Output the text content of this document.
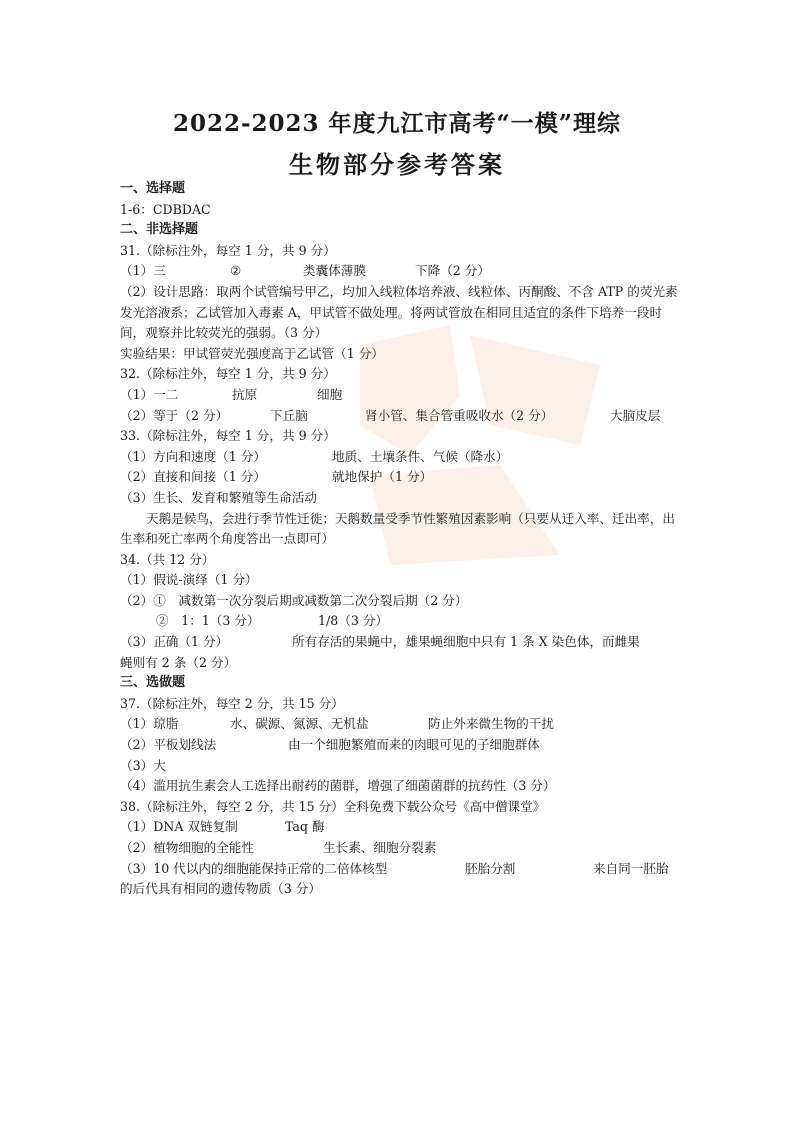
2022-2023 年度九江市高考“一模”理综
生物部分参考答案
一、选择题
1-6：CDBDAC
二、非选择题
31.（除标注外，每空 1 分，共 9 分）
（1）三	②	类囊体薄膜	下降（2 分）
（2）设计思路：取两个试管编号甲乙，均加入线粒体培养液、线粒体、丙酮酸、不含 ATP 的荧光素发光溶液系；乙试管加入毒素 A，甲试管不做处理。将两试管放在相同且适宜的条件下培养一段时间，观察并比较荧光的强弱。（3 分）
实验结果：甲试管荧光强度高于乙试管（1 分）
32.（除标注外，每空 1 分，共 9 分）
（1）一二	抗原	细胞
（2）等于（2 分）	下丘脑	肾小管、集合管重吸收水（2 分）	大脑皮层
33.（除标注外，每空 1 分，共 9 分）
（1）方向和速度（1 分）	地质、土壤条件、气候（降水）
（2）直接和间接（1 分）	就地保护（1 分）
（3）生长、发育和繁殖等生命活动
天鹅是候鸟，会进行季节性迁徙；天鹅数量受季节性繁殖因素影响（只要从迁入率、迁出率，出生率和死亡率两个角度答出一点即可）
34.（共 12 分）
（1）假说-演绎（1 分）
（2）①　减数第一次分裂后期或减数第二次分裂后期（2 分）
②　1：1（3 分）	1/8（3 分）
（3）正确（1 分）	所有存活的果蝇中，雄果蝇细胞中只有 1 条 X 染色体，而雌果
蝇则有 2 条（2 分）
三、选做题
37.（除标注外，每空 2 分，共 15 分）
（1）琼脂	水、碳源、氮源、无机盐	防止外来微生物的干扰
（2）平板划线法	由一个细胞繁殖而来的肉眼可见的子细胞群体
（3）大
（4）滥用抗生素会人工选择出耐药的菌群，增强了细菌菌群的抗药性（3 分）
38.（除标注外，每空 2 分，共 15 分）全科免费下载公众号《高中僧课堂》
（1）DNA 双链复制	Taq 酶
（2）植物细胞的全能性	生长素、细胞分裂素
（3）10 代以内的细胞能保持正常的二倍体核型	胚胎分割	来自同一胚胎
的后代具有相同的遗传物质（3 分）
